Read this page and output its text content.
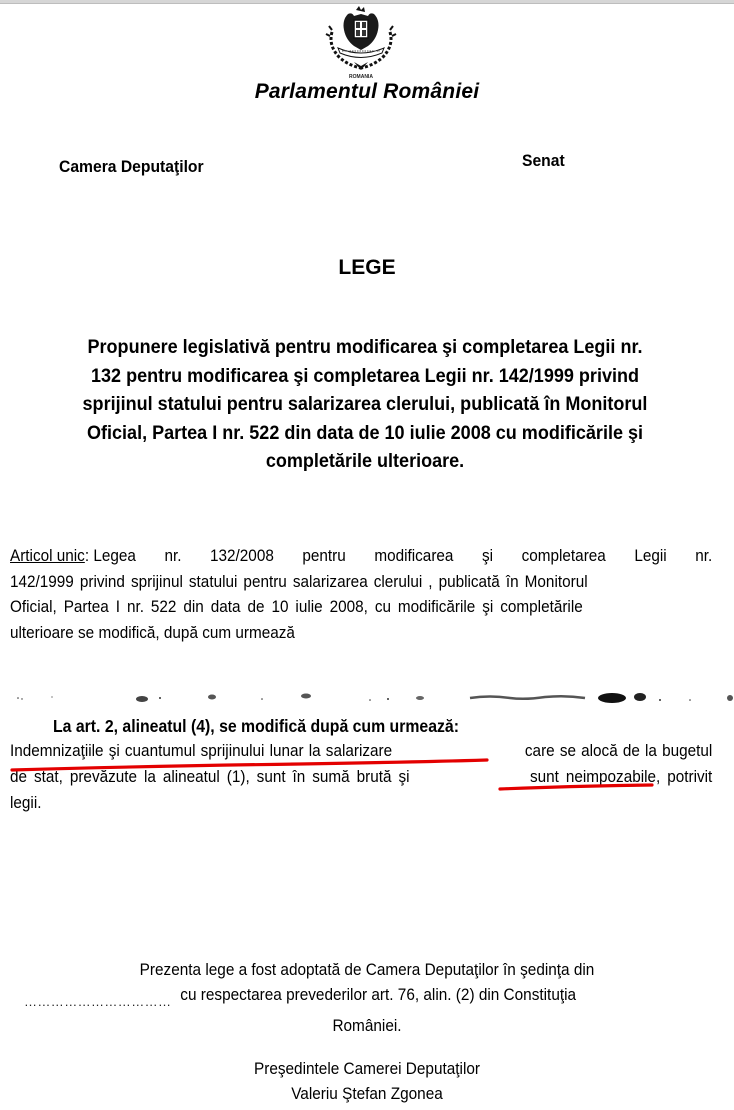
ROMANIA
Parlamentul României
Camera Deputaţilor	Senat
LEGE
Propunere legislativă pentru modificarea şi completarea Legii nr.
132 pentru modificarea şi completarea Legii nr. 142/1999 privind
sprijinul statului pentru salarizarea clerului, publicată în Monitorul
Oficial, Partea I nr. 522 din data de 10 iulie 2008 cu modificările şi
completările ulterioare.
Articol unic: Legea nr. 132/2008 pentru modificarea şi completarea Legii nr.
142/1999 privind sprijinul statului pentru salarizarea clerului , publicată în Monitorul
Oficial, Partea I nr. 522 din data de 10 iulie 2008, cu modificările şi completările
ulterioare se modifică, după cum urmează
La art. 2, alineatul (4), se modifică după cum urmează:
Indemnizaţiile şi cuantumul sprijinului lunar la salarizare	care se alocă de la bugetul
de stat, prevăzute la alineatul (1), sunt în sumă brută şi	sunt neimpozabile, potrivit
legii.
Prezenta lege a fost adoptată de Camera Deputaţilor în şedinţa din
…………………………… cu respectarea prevederilor art. 76, alin. (2) din Constituţia
României.
Preşedintele Camerei Deputaţilor
Valeriu Ştefan Zgonea
